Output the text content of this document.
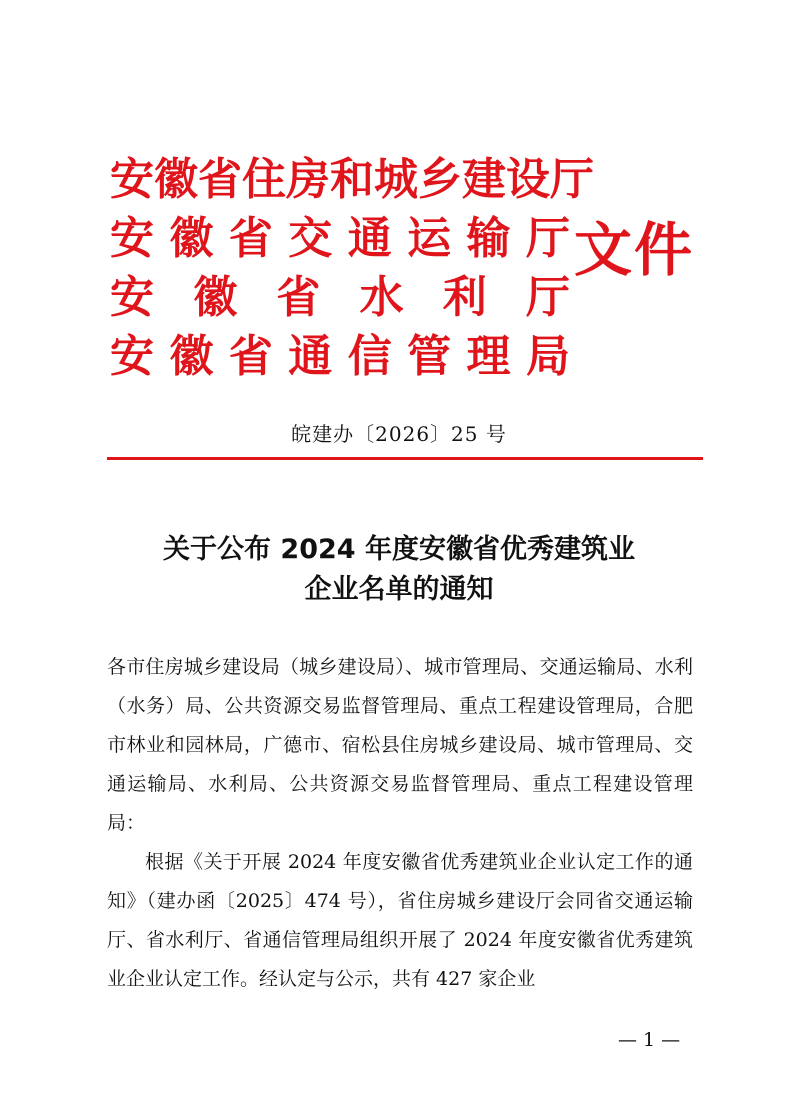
安 徽 省 住 房 和 城 乡 建 设 厅
安 徽 省 交 通 运 输 厅
安 徽 省 水 利 厅
安 徽 省 通 信 管 理 局
文件
皖建办〔2026〕25 号
关于公布 2024 年度安徽省优秀建筑业
企业名单的通知

各市住房城乡建设局（城乡建设局）、城市管理局、交通运输局、水利（水务）局、公共资源交易监督管理局、重点工程建设管理局，合肥市林业和园林局，广德市、宿松县住房城乡建设局、城市管理局、交通运输局、水利局、公共资源交易监督管理局、重点工程建设管理局：

根据《关于开展 2024 年度安徽省优秀建筑业企业认定工作的通知》（建办函〔2025〕474 号），省住房城乡建设厅会同省交通运输厅、省水利厅、省通信管理局组织开展了 2024 年度安徽省优秀建筑业企业认定工作。经认定与公示，共有 427 家企业

— 1 —
